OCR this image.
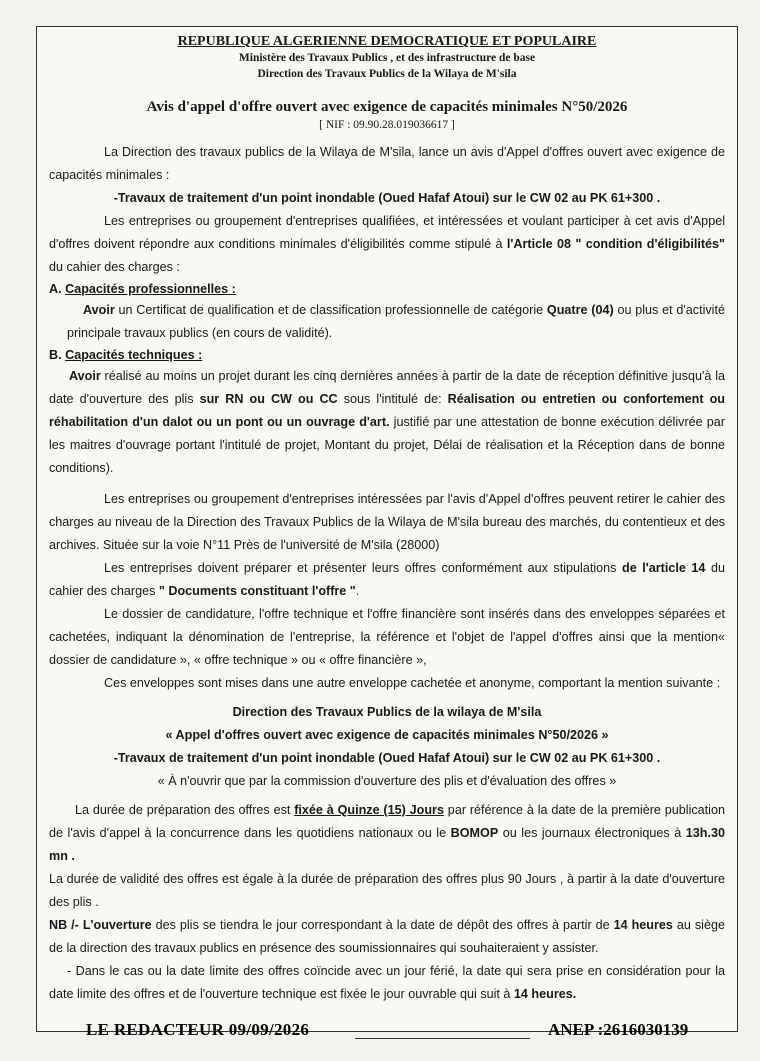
REPUBLIQUE ALGERIENNE DEMOCRATIQUE ET POPULAIRE

Ministère des Travaux Publics , et des infrastructure de base

Direction des Travaux Publics de la Wilaya de M'sila

Avis d'appel d'offre ouvert avec exigence de capacités minimales N°50/2026

[ NIF : 09.90.28.019036617 ]

La Direction des travaux publics de la Wilaya de M'sila, lance un avis d'Appel d'offres ouvert avec exigence de capacités minimales :

-Travaux de traitement d'un point inondable (Oued Hafaf Atoui) sur le CW 02 au PK 61+300 .

Les entreprises ou groupement d'entreprises qualifiées, et intéressées et voulant participer à cet avis d'Appel d'offres doivent répondre aux conditions minimales d'éligibilités comme stipulé à l'Article 08 " condition d'éligibilités" du cahier des charges :

A. Capacités professionnelles :

Avoir un Certificat de qualification et de classification professionnelle de catégorie Quatre (04) ou plus et d'activité principale travaux publics (en cours de validité).

B. Capacités techniques :

Avoir réalisé au moins un projet durant les cinq dernières années à partir de la date de réception définitive jusqu'à la date d'ouverture des plis sur RN ou CW ou CC sous l'intitulé de: Réalisation ou entretien ou confortement ou réhabilitation d'un dalot ou un pont ou un ouvrage d'art. justifié par une attestation de bonne exécution délivrée par les maitres d'ouvrage portant l'intitulé de projet, Montant du projet, Délai de réalisation et la Réception dans de bonne conditions).

Les entreprises ou groupement d'entreprises intéressées par l'avis d'Appel d'offres peuvent retirer le cahier des charges au niveau de la Direction des Travaux Publics de la Wilaya de M'sila bureau des marchés, du contentieux et des archives. Située sur la voie N°11 Près de l'université de M'sila (28000)

Les entreprises doivent préparer et présenter leurs offres conformément aux stipulations de l'article 14 du cahier des charges " Documents constituant l'offre ".

Le dossier de candidature, l'offre technique et l'offre financière sont insérés dans des enveloppes séparées et cachetées, indiquant la dénomination de l'entreprise, la référence et l'objet de l'appel d'offres ainsi que la mention« dossier de candidature », « offre technique » ou « offre financière »,

Ces enveloppes sont mises dans une autre enveloppe cachetée et anonyme, comportant la mention suivante :

Direction des Travaux Publics de la wilaya de M'sila

« Appel d'offres ouvert avec exigence de capacités minimales N°50/2026 »

-Travaux de traitement d'un point inondable (Oued Hafaf Atoui) sur le CW 02 au PK 61+300 .

« À n'ouvrir que par la commission d'ouverture des plis et d'évaluation des offres »

La durée de préparation des offres est fixée à Quinze (15) Jours par référence à la date de la première publication de l'avis d'appel à la concurrence dans les quotidiens nationaux ou le BOMOP ou les journaux électroniques à 13h.30 mn .

La durée de validité des offres est égale à la durée de préparation des offres plus 90 Jours , à partir à la date d'ouverture des plis .

NB /- L'ouverture des plis se tiendra le jour correspondant à la date de dépôt des offres à partir de 14 heures au siège de la direction des travaux publics en présence des soumissionnaires qui souhaiteraient y assister.

- Dans le cas ou la date limite des offres coïncide avec un jour férié, la date qui sera prise en considération pour la date limite des offres et de l'ouverture technique est fixée le jour ouvrable qui suit à 14 heures.

LE REDACTEUR 09/09/2026	ANEP :2616030139
